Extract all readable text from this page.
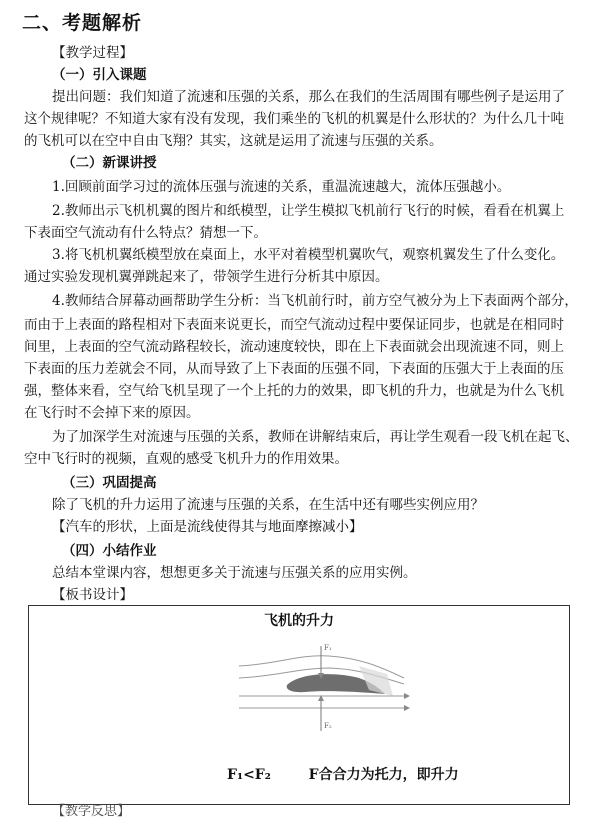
二、考题解析
【教学过程】
（一）引入课题
提出问题：我们知道了流速和压强的关系，那么在我们的生活周围有哪些例子是运用了
这个规律呢？不知道大家有没有发现，我们乘坐的飞机的机翼是什么形状的？为什么几十吨
的飞机可以在空中自由飞翔？其实，这就是运用了流速与压强的关系。
（二）新课讲授
1.回顾前面学习过的流体压强与流速的关系，重温流速越大，流体压强越小。
2.教师出示飞机机翼的图片和纸模型，让学生模拟飞机前行飞行的时候，看看在机翼上
下表面空气流动有什么特点？猜想一下。
3.将飞机机翼纸模型放在桌面上，水平对着模型机翼吹气，观察机翼发生了什么变化。
通过实验发现机翼弹跳起来了，带领学生进行分析其中原因。
4.教师结合屏幕动画帮助学生分析：当飞机前行时，前方空气被分为上下表面两个部分，
而由于上表面的路程相对下表面来说更长，而空气流动过程中要保证同步，也就是在相同时
间里，上表面的空气流动路程较长，流动速度较快，即在上下表面就会出现流速不同，则上
下表面的压力差就会不同，从而导致了上下表面的压强不同，下表面的压强大于上表面的压
强，整体来看，空气给飞机呈现了一个上托的力的效果，即飞机的升力，也就是为什么飞机
在飞行时不会掉下来的原因。
为了加深学生对流速与压强的关系，教师在讲解结束后，再让学生观看一段飞机在起飞、
空中飞行时的视频，直观的感受飞机升力的作用效果。
（三）巩固提高
除了飞机的升力运用了流速与压强的关系，在生活中还有哪些实例应用？
【汽车的形状，上面是流线使得其与地面摩擦减小】
（四）小结作业
总结本堂课内容，想想更多关于流速与压强关系的应用实例。
【板书设计】
飞机的升力
F₁
F₂
F₁<F₂	F合合力为托力，即升力
【教学反思】
